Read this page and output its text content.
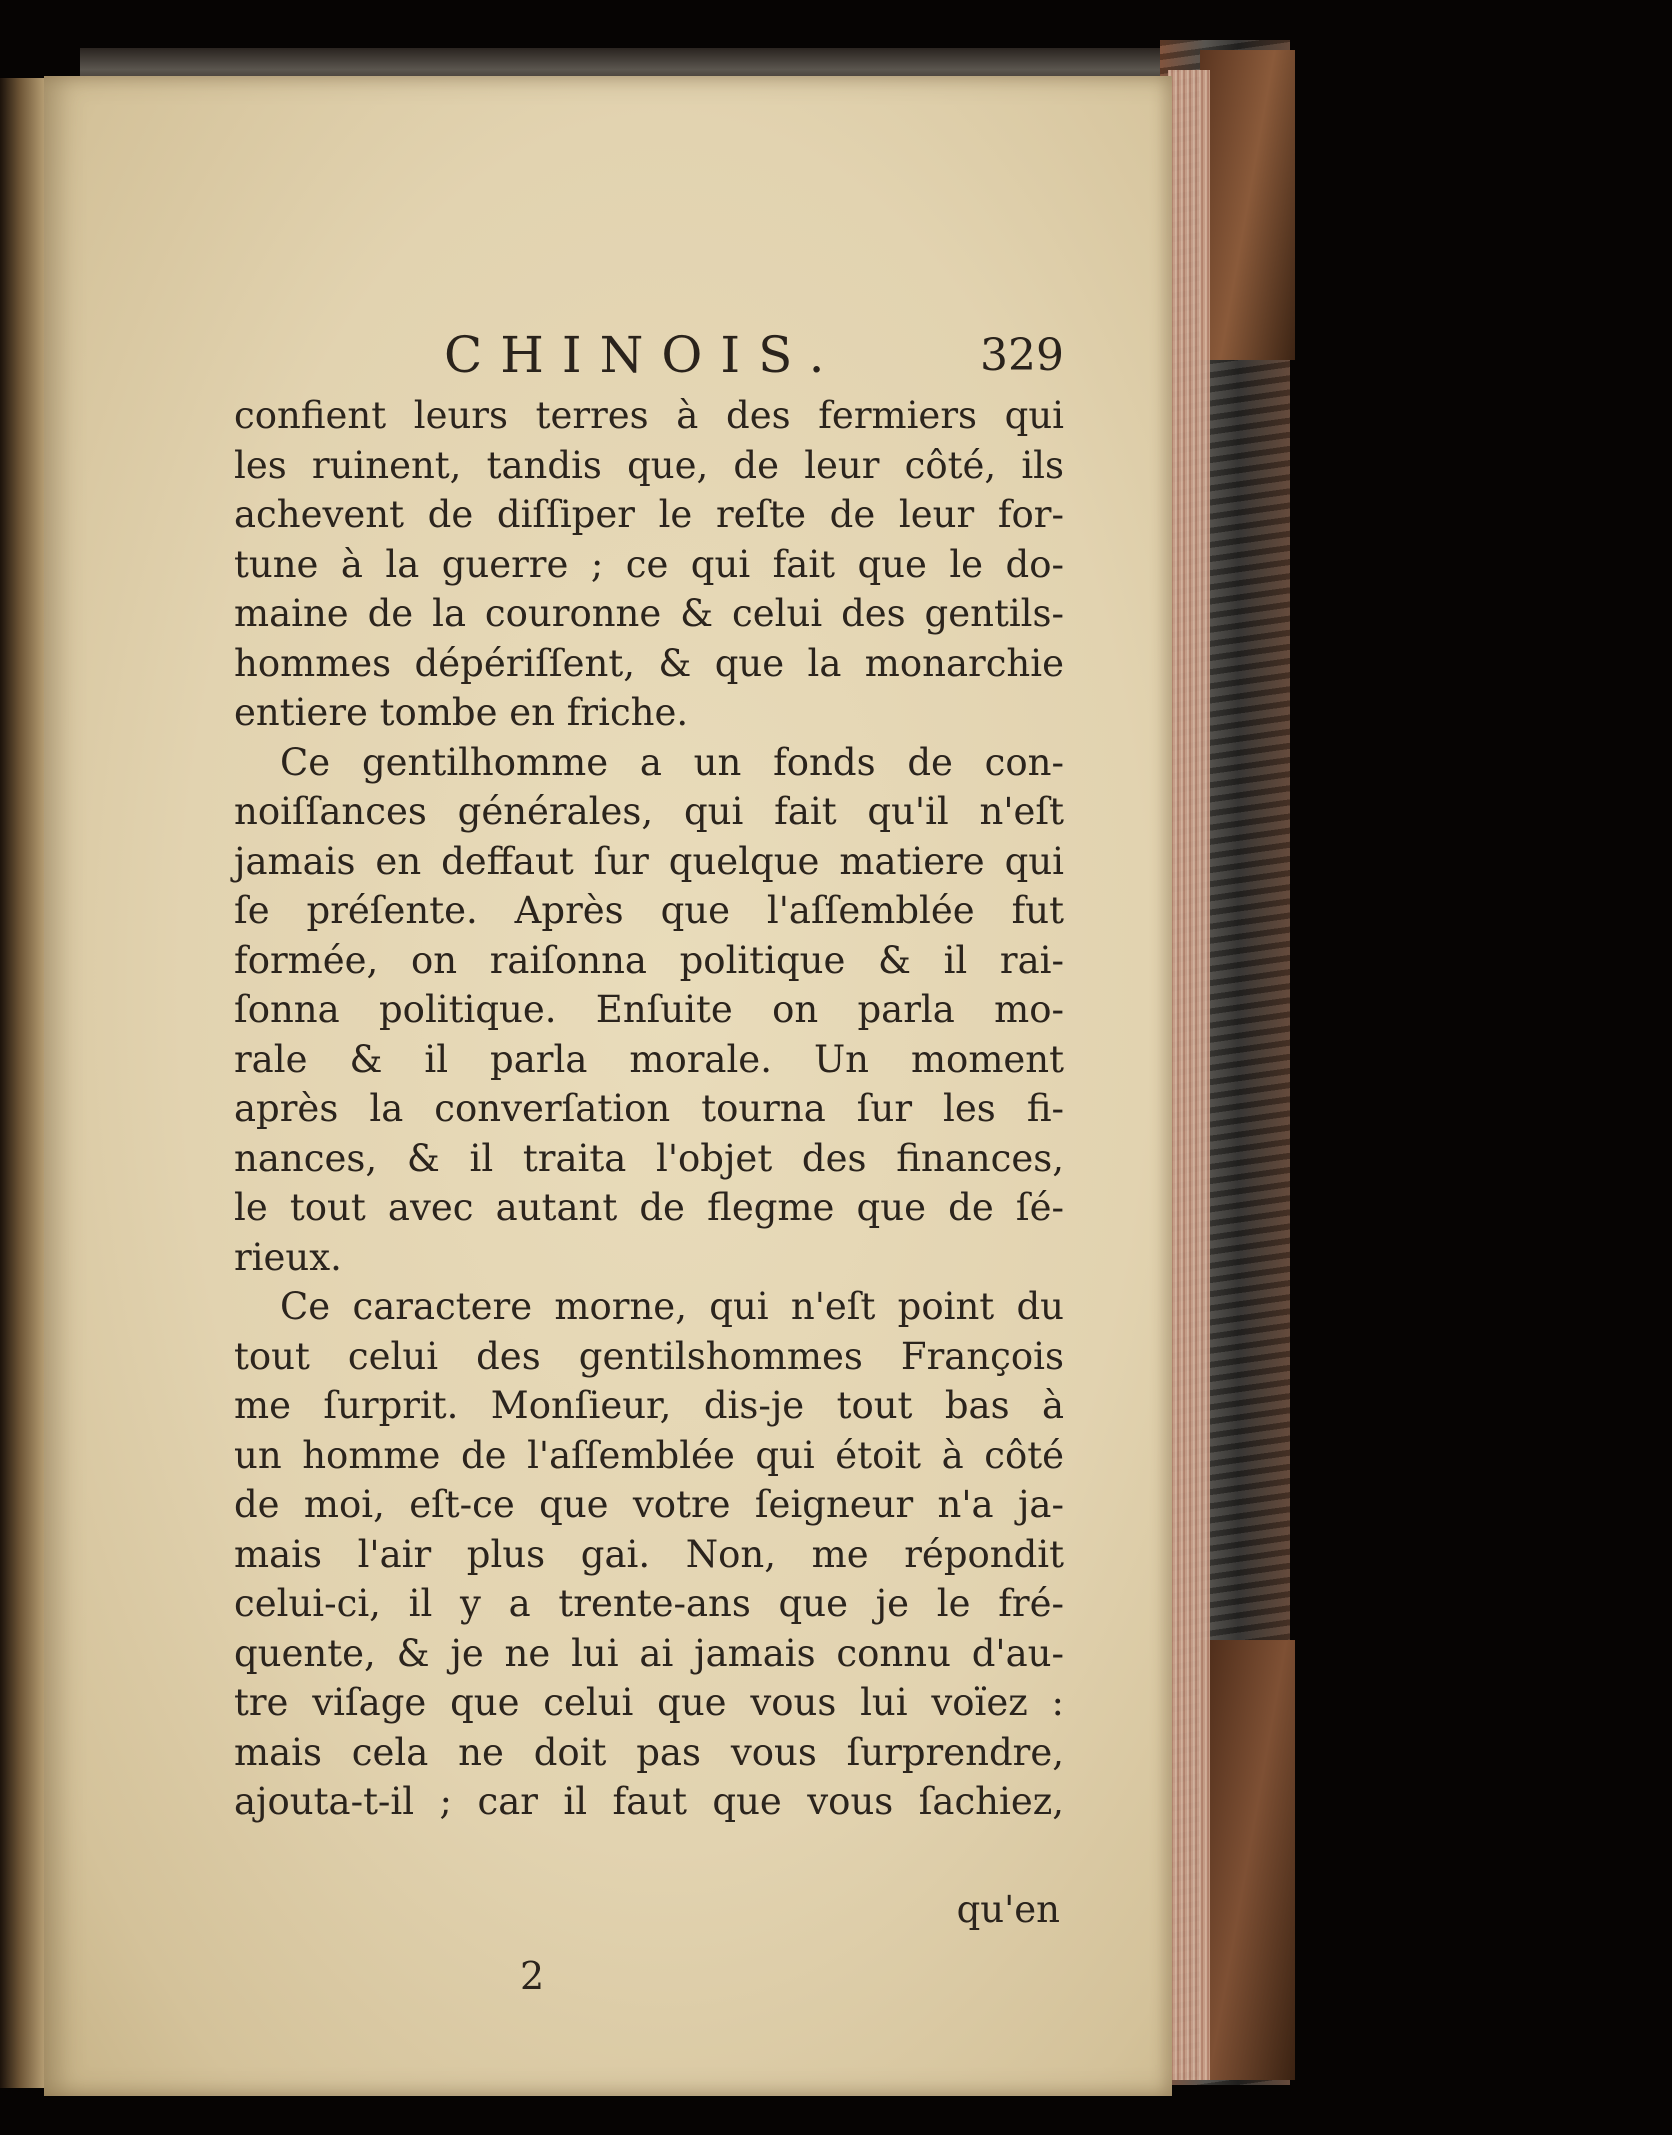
CHINOIS.	329
confient leurs terres à des fermiers qui
les ruinent, tandis que, de leur côté, ils
achevent de diſſiper le reſte de leur for-
tune à la guerre ; ce qui fait que le do-
maine de la couronne & celui des gentils-
hommes dépériſſent, & que la monarchie
entiere tombe en friche.
Ce gentilhomme a un fonds de con-
noiſſances générales, qui fait qu'il n'eſt
jamais en deffaut ſur quelque matiere qui
ſe préſente. Après que l'aſſemblée fut
formée, on raiſonna politique & il rai-
ſonna politique. Enſuite on parla mo-
rale & il parla morale. Un moment
après la converſation tourna ſur les fi-
nances, & il traita l'objet des finances,
le tout avec autant de flegme que de ſé-
rieux.
Ce caractere morne, qui n'eſt point du
tout celui des gentilshommes François
me ſurprit. Monſieur, dis-je tout bas à
un homme de l'aſſemblée qui étoit à côté
de moi, eſt-ce que votre ſeigneur n'a ja-
mais l'air plus gai. Non, me répondit
celui-ci, il y a trente-ans que je le fré-
quente, & je ne lui ai jamais connu d'au-
tre viſage que celui que vous lui voïez :
mais cela ne doit pas vous ſurprendre,
ajouta-t-il ; car il faut que vous ſachiez,
qu'en
2
